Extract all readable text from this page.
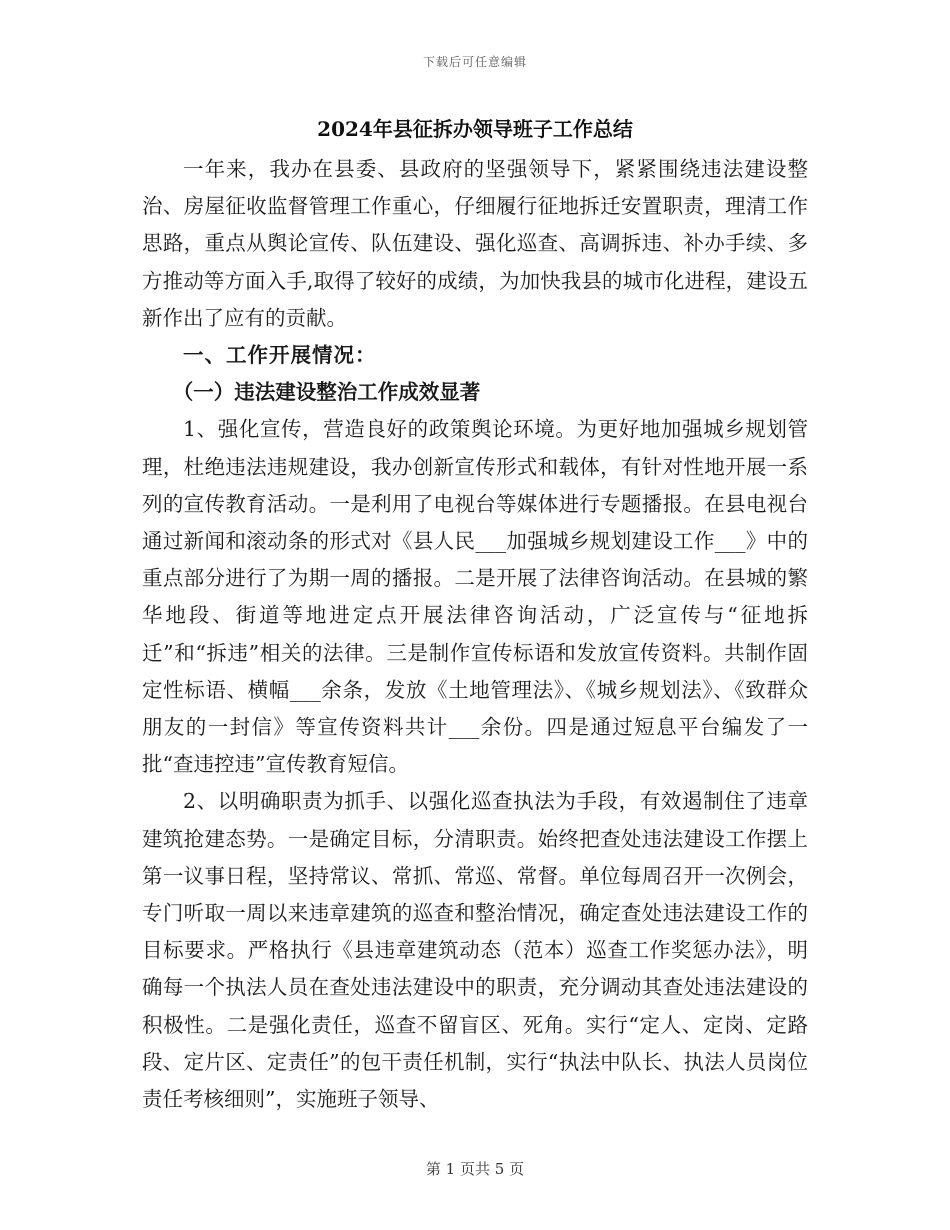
下载后可任意编辑
2024年县征拆办领导班子工作总结

一年来，我办在县委、县政府的坚强领导下，紧紧围绕违法建设整治、房屋征收监督管理工作重心，仔细履行征地拆迁安置职责，理清工作思路，重点从舆论宣传、队伍建设、强化巡查、高调拆违、补办手续、多方推动等方面入手,取得了较好的成绩，为加快我县的城市化进程，建设五新作出了应有的贡献。

一、工作开展情况：

（一）违法建设整治工作成效显著

1、强化宣传，营造良好的政策舆论环境。为更好地加强城乡规划管理，杜绝违法违规建设，我办创新宣传形式和载体，有针对性地开展一系列的宣传教育活动。一是利用了电视台等媒体进行专题播报。在县电视台通过新闻和滚动条的形式对《县人民___加强城乡规划建设工作___》中的重点部分进行了为期一周的播报。二是开展了法律咨询活动。在县城的繁华地段、街道等地进定点开展法律咨询活动，广泛宣传与“征地拆迁”和“拆违”相关的法律。三是制作宣传标语和发放宣传资料。共制作固定性标语、横幅___余条，发放《土地管理法》、《城乡规划法》、《致群众朋友的一封信》等宣传资料共计___余份。四是通过短息平台编发了一批“查违控违”宣传教育短信。

2、以明确职责为抓手、以强化巡查执法为手段，有效遏制住了违章建筑抢建态势。一是确定目标，分清职责。始终把查处违法建设工作摆上第一议事日程，坚持常议、常抓、常巡、常督。单位每周召开一次例会，专门听取一周以来违章建筑的巡查和整治情况，确定查处违法建设工作的目标要求。严格执行《县违章建筑动态（范本）巡查工作奖惩办法》，明确每一个执法人员在查处违法建设中的职责，充分调动其查处违法建设的积极性。二是强化责任，巡查不留盲区、死角。实行“定人、定岗、定路段、定片区、定责任”的包干责任机制，实行“执法中队长、执法人员岗位责任考核细则”，实施班子领导、

第 1 页共 5 页
